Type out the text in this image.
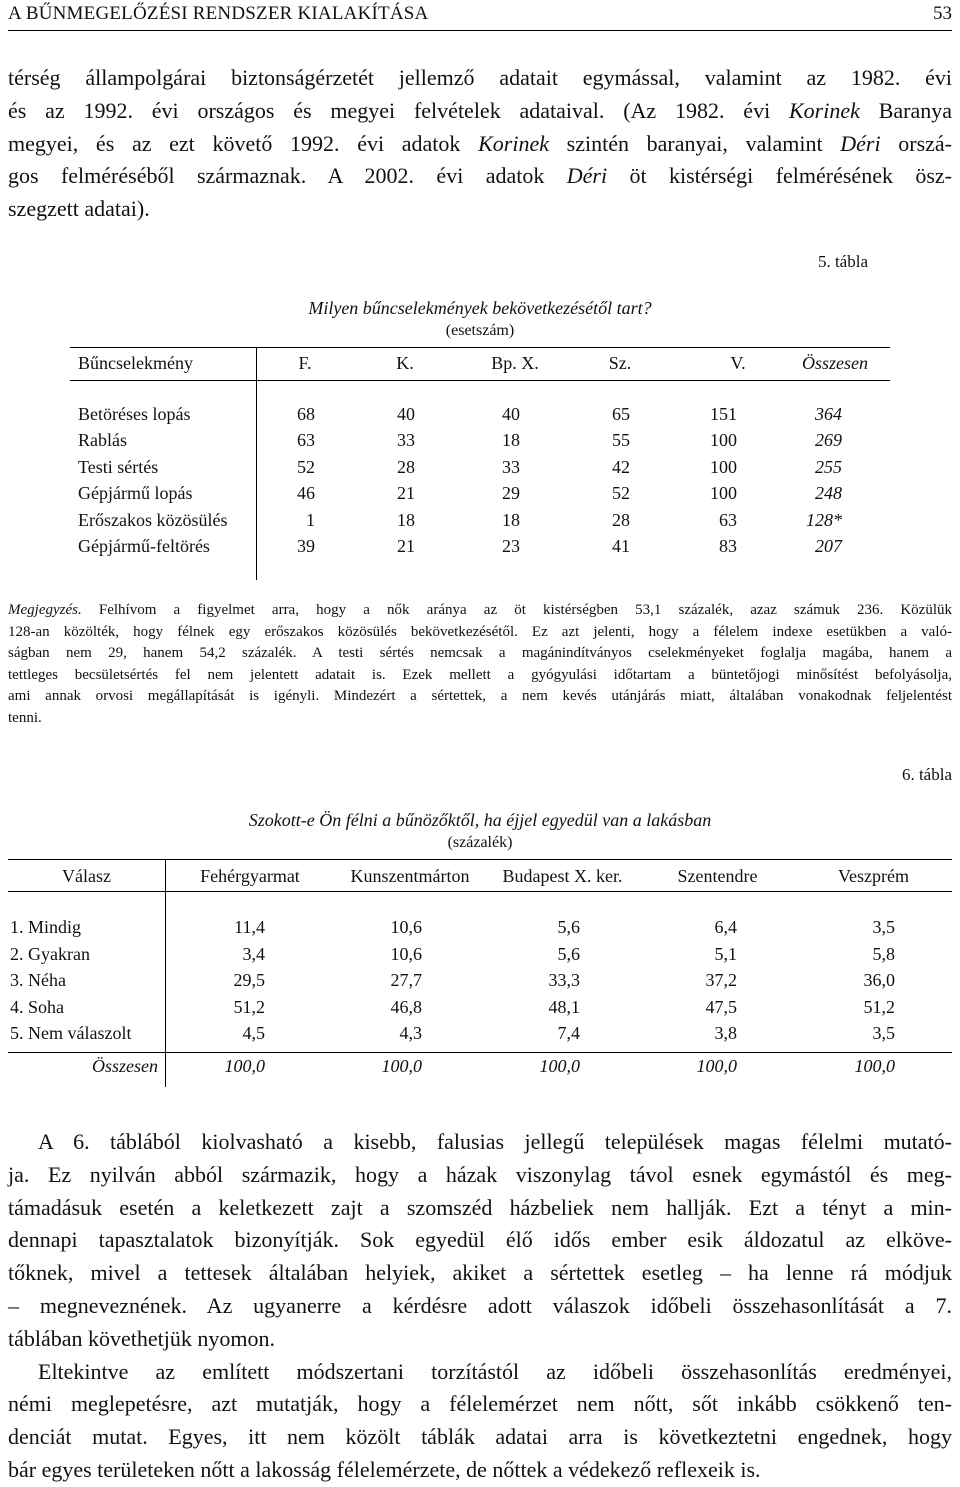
A BŰNMEGELŐZÉSI RENDSZER KIALAKÍTÁSA	53
térség állampolgárai biztonságérzetét jellemző adatait egymással, valamint az 1982. évi
és az 1992. évi országos és megyei felvételek adataival. (Az 1982. évi Korinek Baranya
megyei, és az ezt követő 1992. évi adatok Korinek szintén baranyai, valamint Déri orszá-
gos felméréséből származnak. A 2002. évi adatok Déri öt kistérségi felmérésének ösz-
szegzett adatai).
5. tábla
Milyen bűncselekmények bekövetkezésétől tart?
(esetszám)
Bűncselekmény	F.	K.	Bp. X.	Sz.	V.	Összesen
Betöréses lopás	68	40	40	65	151	364
Rablás	63	33	18	55	100	269
Testi sértés	52	28	33	42	100	255
Gépjármű lopás	46	21	29	52	100	248
Erőszakos közösülés	1	18	18	28	63	128*
Gépjármű-feltörés	39	21	23	41	83	207
Megjegyzés. Felhívom a figyelmet arra, hogy a nők aránya az öt kistérségben 53,1 százalék, azaz számuk 236. Közülük
128-an közölték, hogy félnek egy erőszakos közösülés bekövetkezésétől. Ez azt jelenti, hogy a félelem indexe esetükben a való-
ságban nem 29, hanem 54,2 százalék. A testi sértés nemcsak a magánindítványos cselekményeket foglalja magába, hanem a
tettleges becsületsértés fel nem jelentett adatait is. Ezek mellett a gyógyulási időtartam a büntetőjogi minősítést befolyásolja,
ami annak orvosi megállapítását is igényli. Mindezért a sértettek, a nem kevés utánjárás miatt, általában vonakodnak feljelentést
tenni.
6. tábla
Szokott-e Ön félni a bűnözőktől, ha éjjel egyedül van a lakásban
(százalék)
Válasz	Fehérgyarmat	Kunszentmárton	Budapest X. ker.	Szentendre	Veszprém
1. Mindig	11,4	10,6	5,6	6,4	3,5
2. Gyakran	3,4	10,6	5,6	5,1	5,8
3. Néha	29,5	27,7	33,3	37,2	36,0
4. Soha	51,2	46,8	48,1	47,5	51,2
5. Nem válaszolt	4,5	4,3	7,4	3,8	3,5
Összesen	100,0	100,0	100,0	100,0	100,0
A 6. táblából kiolvasható a kisebb, falusias jellegű települések magas félelmi mutató-
ja. Ez nyilván abból származik, hogy a házak viszonylag távol esnek egymástól és meg-
támadásuk esetén a keletkezett zajt a szomszéd házbeliek nem hallják. Ezt a tényt a min-
dennapi tapasztalatok bizonyítják. Sok egyedül élő idős ember esik áldozatul az elköve-
tőknek, mivel a tettesek általában helyiek, akiket a sértettek esetleg – ha lenne rá módjuk
– megneveznének. Az ugyanerre a kérdésre adott válaszok időbeli összehasonlítását a 7.
táblában követhetjük nyomon.
Eltekintve az említett módszertani torzítástól az időbeli összehasonlítás eredményei,
némi meglepetésre, azt mutatják, hogy a félelemérzet nem nőtt, sőt inkább csökkenő ten-
denciát mutat. Egyes, itt nem közölt táblák adatai arra is következtetni engednek, hogy
bár egyes területeken nőtt a lakosság félelemérzete, de nőttek a védekező reflexeik is.
